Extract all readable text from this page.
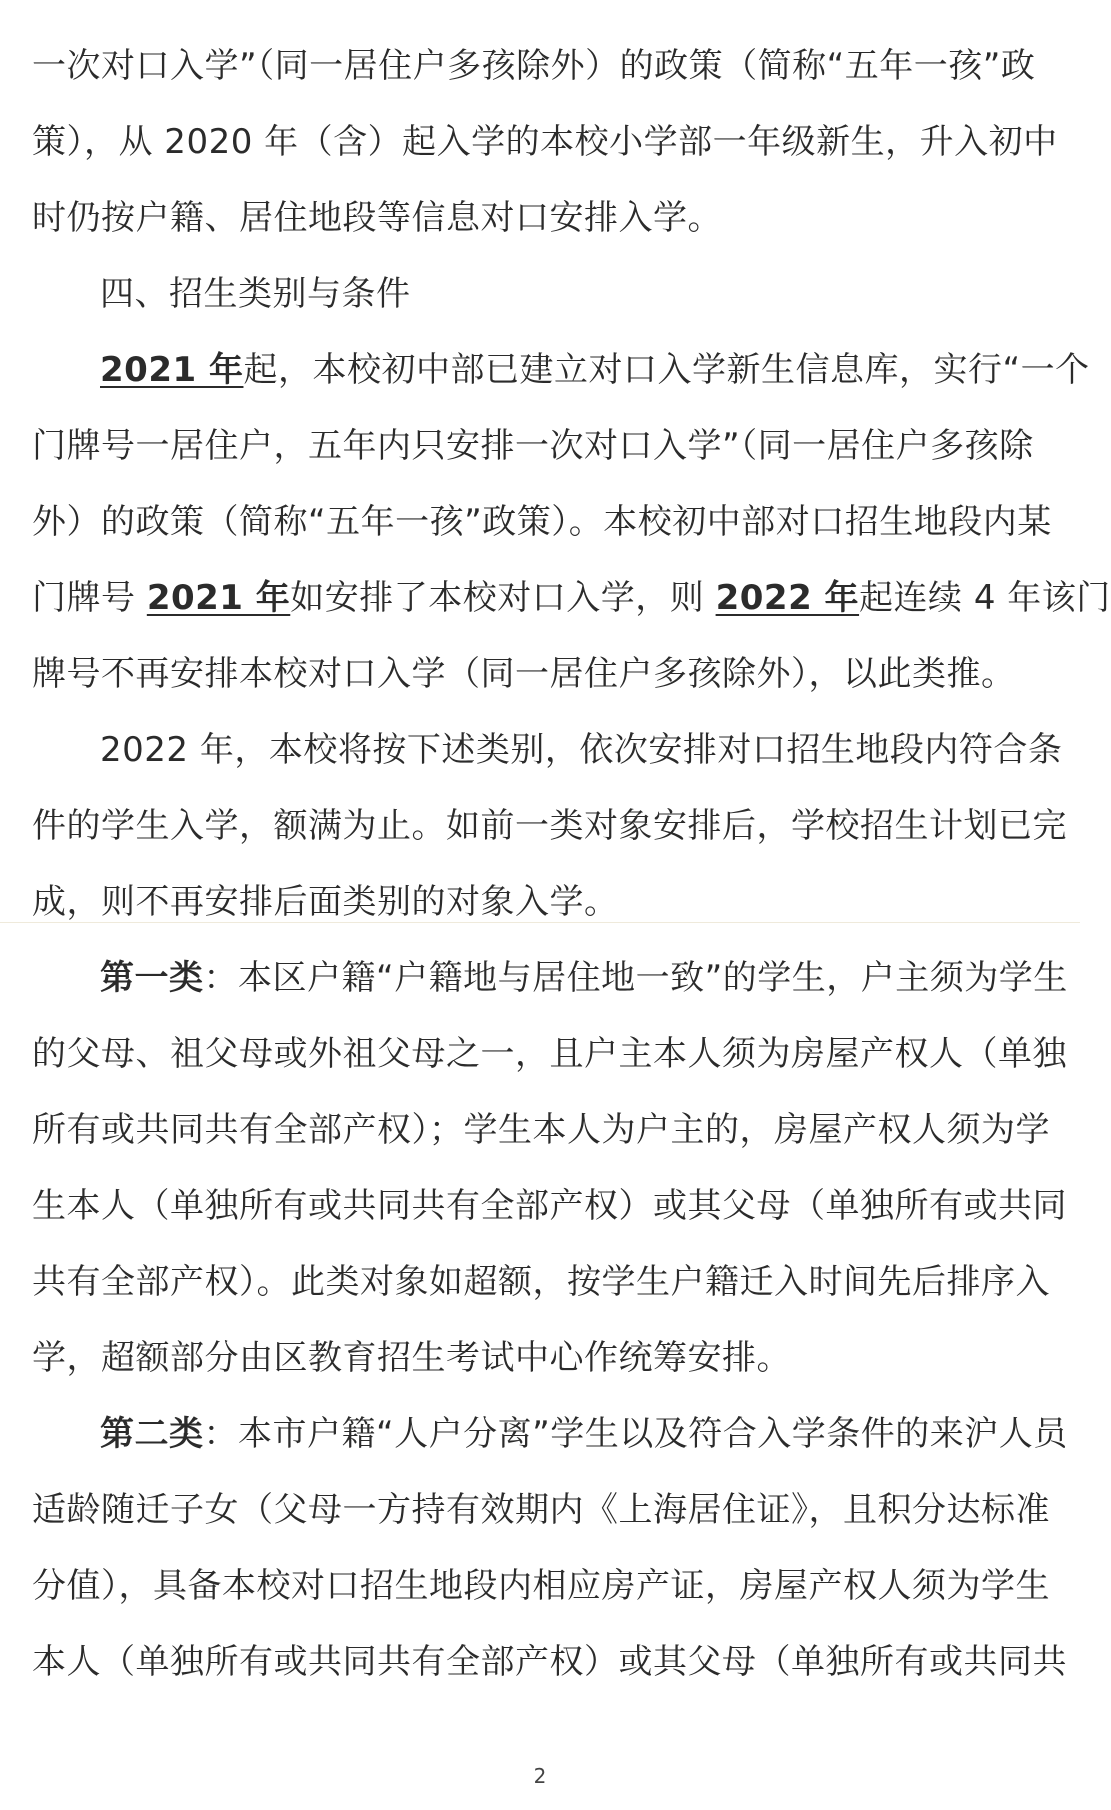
一次对口入学”（同一居住户多孩除外）的政策（简称“五年一孩”政
策），从 2020 年（含）起入学的本校小学部一年级新生，升入初中
时仍按户籍、居住地段等信息对口安排入学。
四、招生类别与条件
2021 年起，本校初中部已建立对口入学新生信息库，实行“一个
门牌号一居住户，五年内只安排一次对口入学”（同一居住户多孩除
外）的政策（简称“五年一孩”政策）。本校初中部对口招生地段内某
门牌号 2021 年如安排了本校对口入学，则 2022 年起连续 4 年该门
牌号不再安排本校对口入学（同一居住户多孩除外），以此类推。
2022 年，本校将按下述类别，依次安排对口招生地段内符合条
件的学生入学，额满为止。如前一类对象安排后，学校招生计划已完
成，则不再安排后面类别的对象入学。
第一类：本区户籍“户籍地与居住地一致”的学生，户主须为学生
的父母、祖父母或外祖父母之一，且户主本人须为房屋产权人（单独
所有或共同共有全部产权）；学生本人为户主的，房屋产权人须为学
生本人（单独所有或共同共有全部产权）或其父母（单独所有或共同
共有全部产权）。此类对象如超额，按学生户籍迁入时间先后排序入
学，超额部分由区教育招生考试中心作统筹安排。
第二类：本市户籍“人户分离”学生以及符合入学条件的来沪人员
适龄随迁子女（父母一方持有效期内《上海居住证》，且积分达标准
分值），具备本校对口招生地段内相应房产证，房屋产权人须为学生
本人（单独所有或共同共有全部产权）或其父母（单独所有或共同共
2
